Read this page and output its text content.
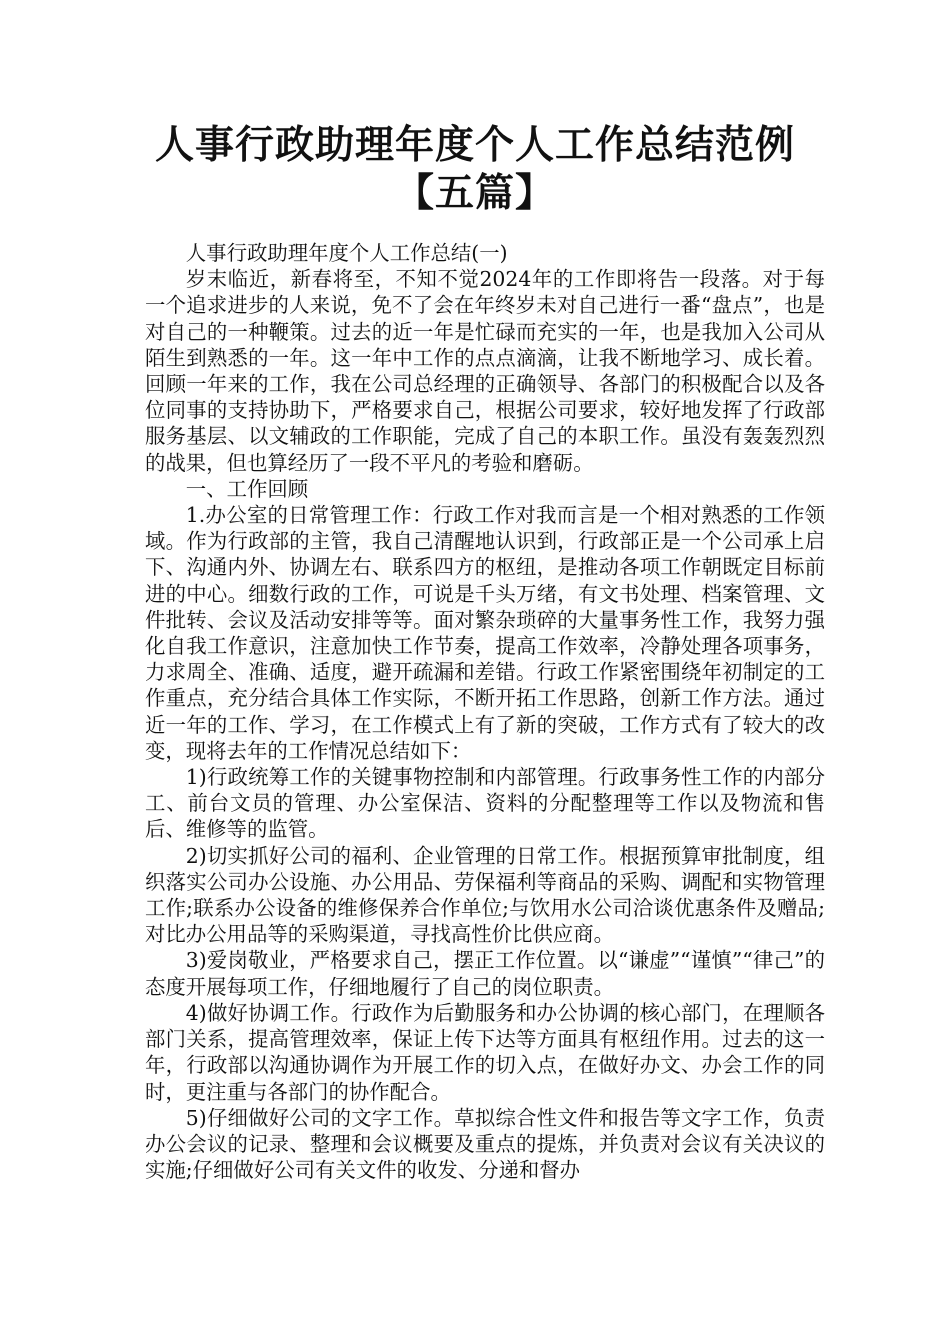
人事行政助理年度个人工作总结范例
【五篇】

人事行政助理年度个人工作总结(一)

岁末临近，新春将至，不知不觉2024年的工作即将告一段落。对于每一个追求进步的人来说，免不了会在年终岁未对自己进行一番“盘点”，也是对自己的一种鞭策。过去的近一年是忙碌而充实的一年，也是我加入公司从陌生到熟悉的一年。这一年中工作的点点滴滴，让我不断地学习、成长着。回顾一年来的工作，我在公司总经理的正确领导、各部门的积极配合以及各位同事的支持协助下，严格要求自己，根据公司要求，较好地发挥了行政部服务基层、以文辅政的工作职能，完成了自己的本职工作。虽没有轰轰烈烈的战果，但也算经历了一段不平凡的考验和磨砺。

一、工作回顾

1.办公室的日常管理工作：行政工作对我而言是一个相对熟悉的工作领域。作为行政部的主管，我自己清醒地认识到，行政部正是一个公司承上启下、沟通内外、协调左右、联系四方的枢纽，是推动各项工作朝既定目标前进的中心。细数行政的工作，可说是千头万绪，有文书处理、档案管理、文件批转、会议及活动安排等等。面对繁杂琐碎的大量事务性工作，我努力强化自我工作意识，注意加快工作节奏，提高工作效率，冷静处理各项事务，力求周全、准确、适度，避开疏漏和差错。行政工作紧密围绕年初制定的工作重点，充分结合具体工作实际，不断开拓工作思路，创新工作方法。通过近一年的工作、学习，在工作模式上有了新的突破，工作方式有了较大的改变，现将去年的工作情况总结如下：

1)行政统筹工作的关键事物控制和内部管理。行政事务性工作的内部分工、前台文员的管理、办公室保洁、资料的分配整理等工作以及物流和售后、维修等的监管。

2)切实抓好公司的福利、企业管理的日常工作。根据预算审批制度，组织落实公司办公设施、办公用品、劳保福利等商品的采购、调配和实物管理工作;联系办公设备的维修保养合作单位;与饮用水公司洽谈优惠条件及赠品;对比办公用品等的采购渠道，寻找高性价比供应商。

3)爱岗敬业，严格要求自己，摆正工作位置。以“谦虚”“谨慎”“律己”的态度开展每项工作，仔细地履行了自己的岗位职责。

4)做好协调工作。行政作为后勤服务和办公协调的核心部门，在理顺各部门关系，提高管理效率，保证上传下达等方面具有枢纽作用。过去的这一年，行政部以沟通协调作为开展工作的切入点，在做好办文、办会工作的同时，更注重与各部门的协作配合。

5)仔细做好公司的文字工作。草拟综合性文件和报告等文字工作，负责办公会议的记录、整理和会议概要及重点的提炼，并负责对会议有关决议的实施;仔细做好公司有关文件的收发、分递和督办
